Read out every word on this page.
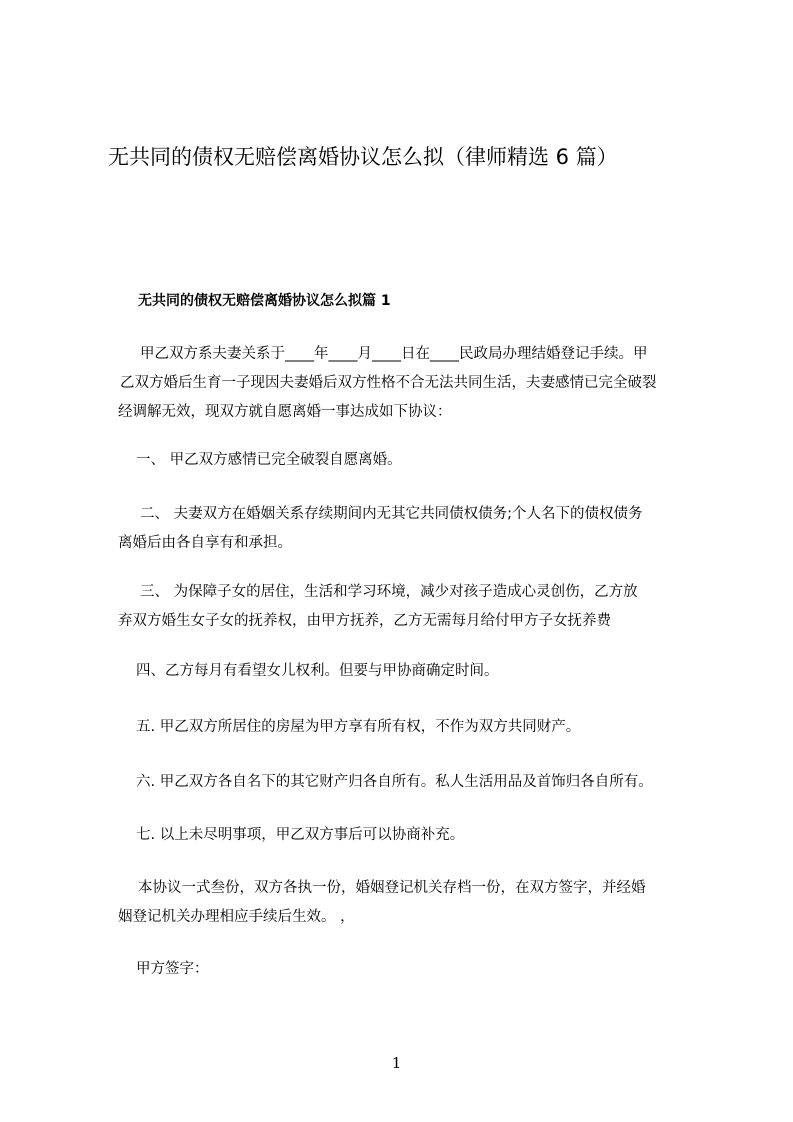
无共同的债权无赔偿离婚协议怎么拟（律师精选 6 篇）
无共同的债权无赔偿离婚协议怎么拟篇 1
甲乙双方系夫妻关系于____年____月____日在____民政局办理结婚登记手续。甲
乙双方婚后生育一子现因夫妻婚后双方性格不合无法共同生活，夫妻感情已完全破裂
经调解无效，现双方就自愿离婚一事达成如下协议：
一、 甲乙双方感情已完全破裂自愿离婚。
二、 夫妻双方在婚姻关系存续期间内无其它共同债权债务;个人名下的债权债务
离婚后由各自享有和承担。
三、 为保障子女的居住，生活和学习环境，减少对孩子造成心灵创伤，乙方放
弃双方婚生女子女的抚养权，由甲方抚养，乙方无需每月给付甲方子女抚养费
四、乙方每月有看望女儿权利。但要与甲协商确定时间。
五. 甲乙双方所居住的房屋为甲方享有所有权，不作为双方共同财产。
六. 甲乙双方各自名下的其它财产归各自所有。私人生活用品及首饰归各自所有。
七. 以上未尽明事项，甲乙双方事后可以协商补充。
本协议一式叁份，双方各执一份，婚姻登记机关存档一份，在双方签字，并经婚
姻登记机关办理相应手续后生效。 ，
甲方签字：
1
